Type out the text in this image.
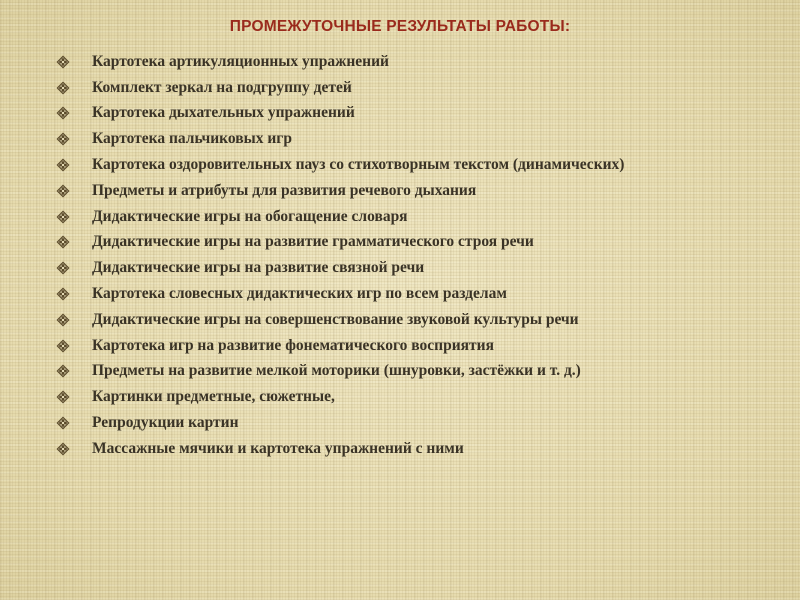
ПРОМЕЖУТОЧНЫЕ РЕЗУЛЬТАТЫ РАБОТЫ:
Картотека артикуляционных упражнений
Комплект зеркал на подгруппу детей
Картотека дыхательных упражнений
Картотека пальчиковых игр
Картотека оздоровительных пауз со стихотворным текстом (динамических)
Предметы и атрибуты для развития речевого дыхания
Дидактические игры на обогащение словаря
Дидактические игры на развитие грамматического строя речи
Дидактические игры на развитие связной речи
Картотека словесных дидактических игр по всем разделам
Дидактические игры на совершенствование звуковой культуры речи
Картотека игр на развитие фонематического восприятия
Предметы на развитие мелкой моторики (шнуровки, застёжки и т. д.)
Картинки предметные, сюжетные,
Репродукции картин
Массажные мячики и картотека упражнений с ними
